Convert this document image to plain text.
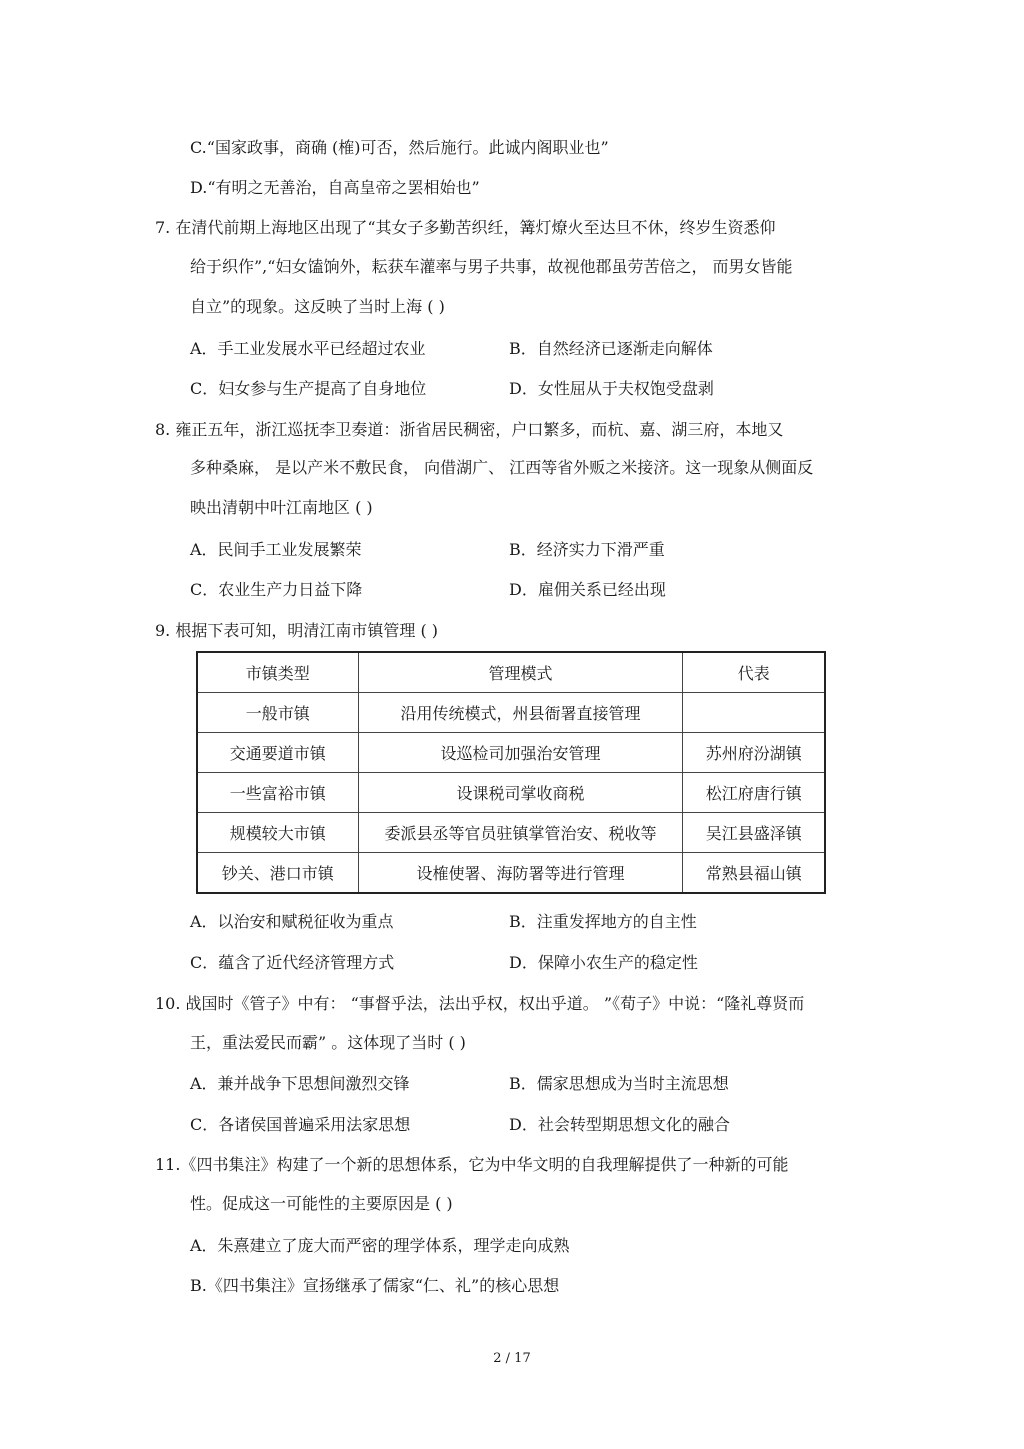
C.“国家政事，商确 (榷)可否，然后施行。此诚内阁职业也”
D.“有明之无善治，自高皇帝之罢相始也”
7. 在清代前期上海地区出现了“其女子多勤苦织纴，篝灯燎火至达旦不休，终岁生资悉仰
给于织作”,“妇女馌饷外，耘获车灌率与男子共事，故视他郡虽劳苦倍之， 而男女皆能
自立”的现象。这反映了当时上海 ( )
A．手工业发展水平已经超过农业	B．自然经济已逐渐走向解体
C．妇女参与生产提高了自身地位	D．女性屈从于夫权饱受盘剥
8. 雍正五年，浙江巡抚李卫奏道：浙省居民稠密，户口繁多，而杭、嘉、湖三府，本地又
多种桑麻， 是以产米不敷民食， 向借湖广、 江西等省外贩之米接济。这一现象从侧面反
映出清朝中叶江南地区 ( )
A．民间手工业发展繁荣	B．经济实力下滑严重
C．农业生产力日益下降	D．雇佣关系已经出现
9. 根据下表可知，明清江南市镇管理 ( )
市镇类型	管理模式	代表
一般市镇	沿用传统模式，州县衙署直接管理	
交通要道市镇	设巡检司加强治安管理	苏州府汾湖镇
一些富裕市镇	设课税司掌收商税	松江府唐行镇
规模较大市镇	委派县丞等官员驻镇掌管治安、税收等	吴江县盛泽镇
钞关、港口市镇	设榷使署、海防署等进行管理	常熟县福山镇
A．以治安和赋税征收为重点	B．注重发挥地方的自主性
C．蕴含了近代经济管理方式	D．保障小农生产的稳定性
10. 战国时《管子》中有： “事督乎法，法出乎权，权出乎道。 ”《荀子》中说：“隆礼尊贤而
王，重法爱民而霸” 。这体现了当时 ( )
A．兼并战争下思想间激烈交锋	B．儒家思想成为当时主流思想
C．各诸侯国普遍采用法家思想	D．社会转型期思想文化的融合
11.《四书集注》构建了一个新的思想体系，它为中华文明的自我理解提供了一种新的可能
性。促成这一可能性的主要原因是 ( )
A．朱熹建立了庞大而严密的理学体系，理学走向成熟
B.《四书集注》宣扬继承了儒家“仁、礼”的核心思想
2 / 17
